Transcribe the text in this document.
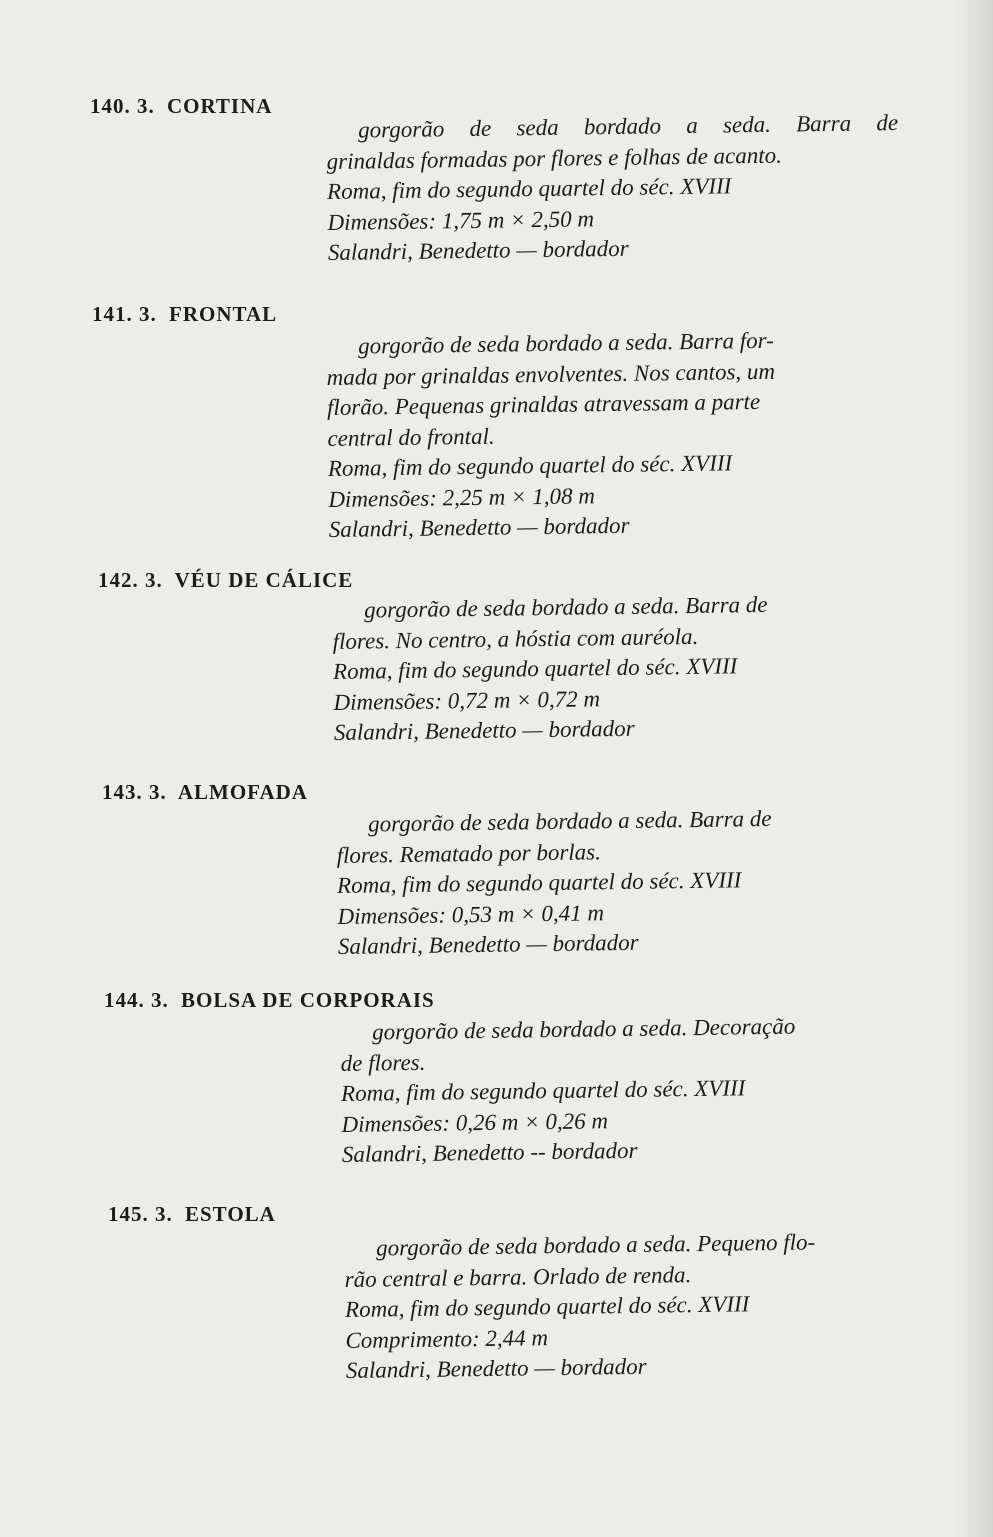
140. 3. CORTINA
gorgorão de seda bordado a seda. Barra de
grinaldas formadas por flores e folhas de acanto.
Roma, fim do segundo quartel do séc. XVIII
Dimensões: 1,75 m × 2,50 m
Salandri, Benedetto — bordador
141. 3. FRONTAL
gorgorão de seda bordado a seda. Barra for-
mada por grinaldas envolventes. Nos cantos, um
florão. Pequenas grinaldas atravessam a parte
central do frontal.
Roma, fim do segundo quartel do séc. XVIII
Dimensões: 2,25 m × 1,08 m
Salandri, Benedetto — bordador
142. 3. VÉU DE CÁLICE
gorgorão de seda bordado a seda. Barra de
flores. No centro, a hóstia com auréola.
Roma, fim do segundo quartel do séc. XVIII
Dimensões: 0,72 m × 0,72 m
Salandri, Benedetto — bordador
143. 3. ALMOFADA
gorgorão de seda bordado a seda. Barra de
flores. Rematado por borlas.
Roma, fim do segundo quartel do séc. XVIII
Dimensões: 0,53 m × 0,41 m
Salandri, Benedetto — bordador
144. 3. BOLSA DE CORPORAIS
gorgorão de seda bordado a seda. Decoração
de flores.
Roma, fim do segundo quartel do séc. XVIII
Dimensões: 0,26 m × 0,26 m
Salandri, Benedetto -- bordador
145. 3. ESTOLA
gorgorão de seda bordado a seda. Pequeno flo-
rão central e barra. Orlado de renda.
Roma, fim do segundo quartel do séc. XVIII
Comprimento: 2,44 m
Salandri, Benedetto — bordador
